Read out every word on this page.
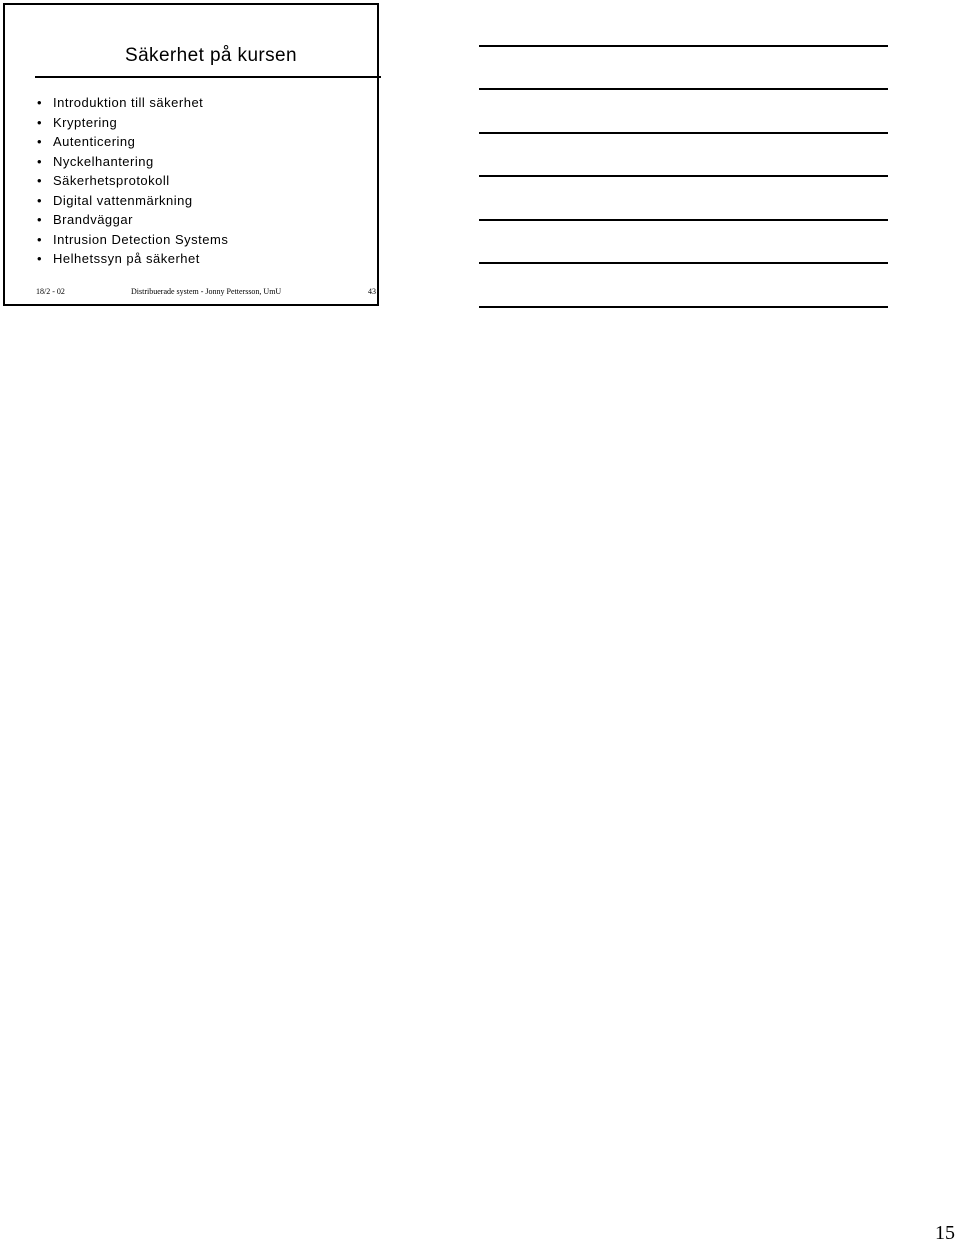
Säkerhet på kursen
• Introduktion till säkerhet
• Kryptering
• Autenticering
• Nyckelhantering
• Säkerhetsprotokoll
• Digital vattenmärkning
• Brandväggar
• Intrusion Detection Systems
• Helhetssyn på säkerhet
18/2 - 02	Distribuerade system - Jonny Pettersson, UmU	43
15
